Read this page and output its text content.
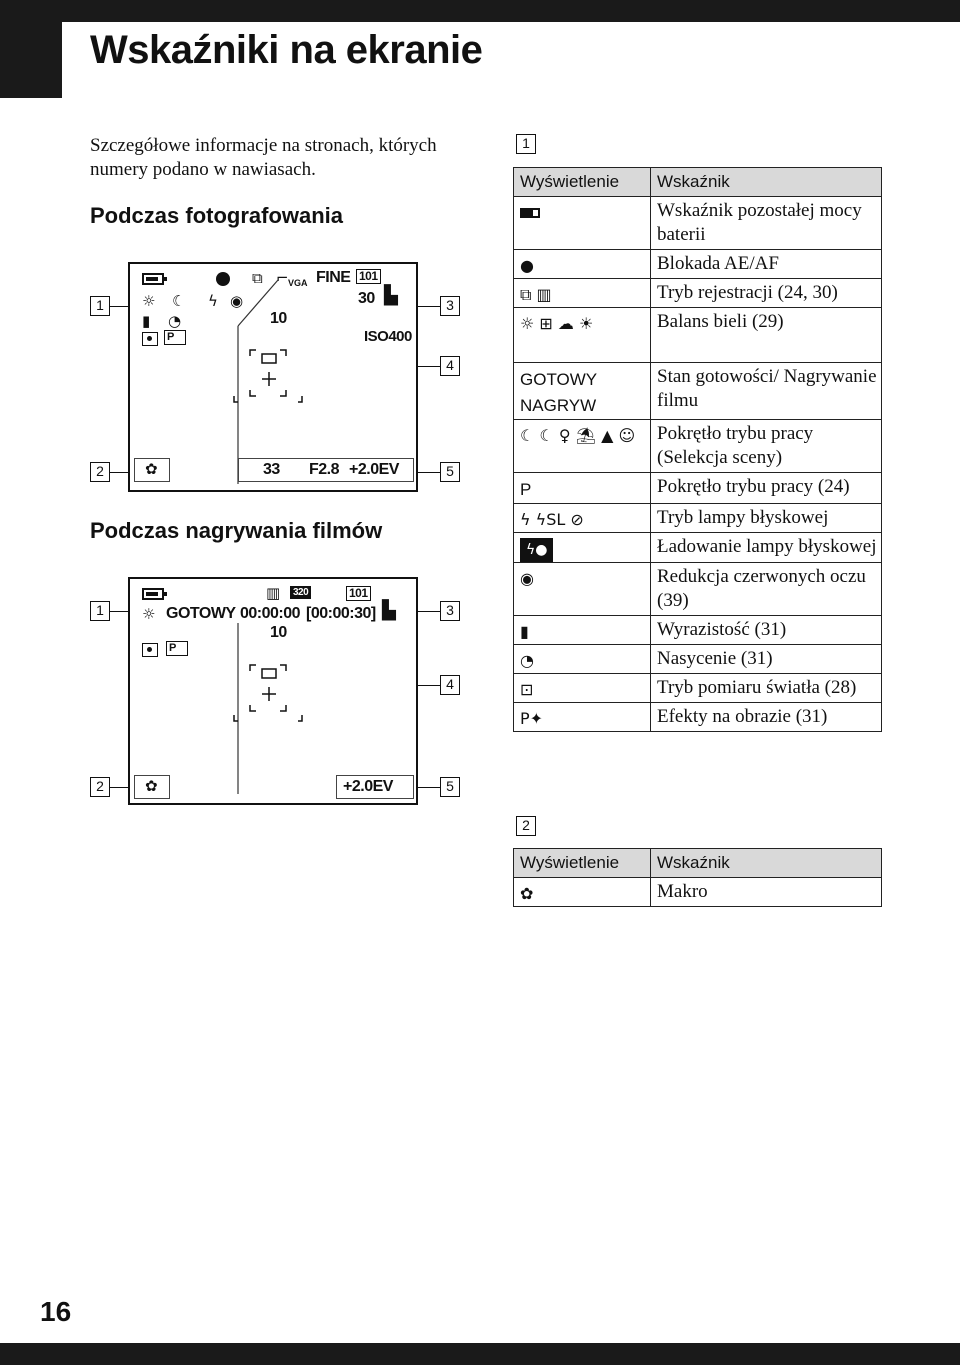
Wskaźniki na ekranie
Szczegółowe informacje na stronach, których numery podano w nawiasach.
Podczas fotografowania
1
2
3
4
5
⧉ ⌐ VGA FINE 101
☼ ☾ ϟ ◉	30 ▙
▮ ◔	10
P	ISO400
✿	33 F2.8 +2.0EV
Podczas nagrywania filmów
1
2
3
4
5
▥	320	101
☼ GOTOWY 00:00:00 [00:00:30] ▙
10
P
✿	+2.0EV
1
Wyświetlenie	Wskaźnik
	Wskaźnik pozostałej mocy baterii
●	Blokada AE/AF
⧉ ▥	Tryb rejestracji (24, 30)
☼ ⊞ ☁ ☀	Balans bieli (29)
GOTOWY NAGRYW	Stan gotowości/ Nagrywanie filmu
☾ ☾ ♀ ⛱ ▲ ☺	Pokrętło trybu pracy (Selekcja sceny)
P	Pokrętło trybu pracy (24)
ϟ ϟSL ⊘	Tryb lampy błyskowej
ϟ●	Ładowanie lampy błyskowej
◉	Redukcja czerwonych oczu (39)
▮	Wyrazistość (31)
◔	Nasycenie (31)
⊡	Tryb pomiaru światła (28)
P✦	Efekty na obrazie (31)
2
Wyświetlenie	Wskaźnik
✿	Makro
16
